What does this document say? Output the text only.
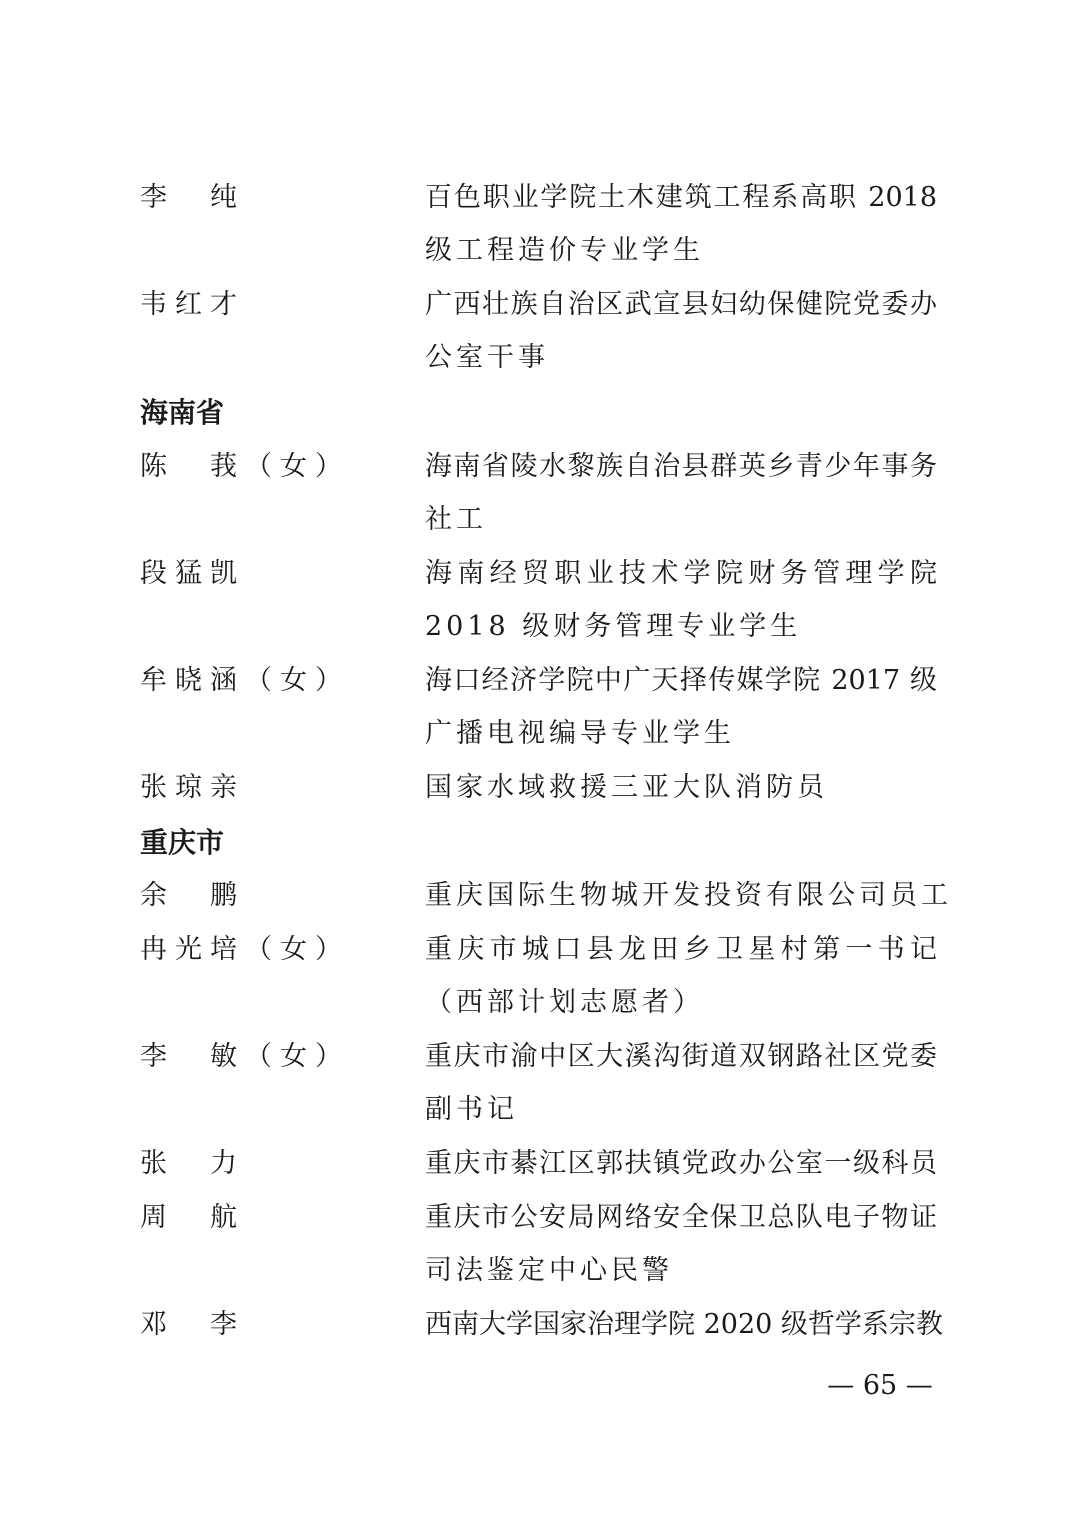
李　纯	百色职业学院土木建筑工程系高职 2018
级工程造价专业学生
韦红才	广西壮族自治区武宣县妇幼保健院党委办
公室干事
海南省
陈　莪（女）	海南省陵水黎族自治县群英乡青少年事务
社工
段猛凯	海南经贸职业技术学院财务管理学院
2018 级财务管理专业学生
牟晓涵（女）	海口经济学院中广天择传媒学院 2017 级
广播电视编导专业学生
张琼亲	国家水域救援三亚大队消防员
重庆市
余　鹏	重庆国际生物城开发投资有限公司员工
冉光培（女）	重庆市城口县龙田乡卫星村第一书记
（西部计划志愿者）
李　敏（女）	重庆市渝中区大溪沟街道双钢路社区党委
副书记
张　力	重庆市綦江区郭扶镇党政办公室一级科员
周　航	重庆市公安局网络安全保卫总队电子物证
司法鉴定中心民警
邓　李	西南大学国家治理学院 2020 级哲学系宗教
— 65 —
